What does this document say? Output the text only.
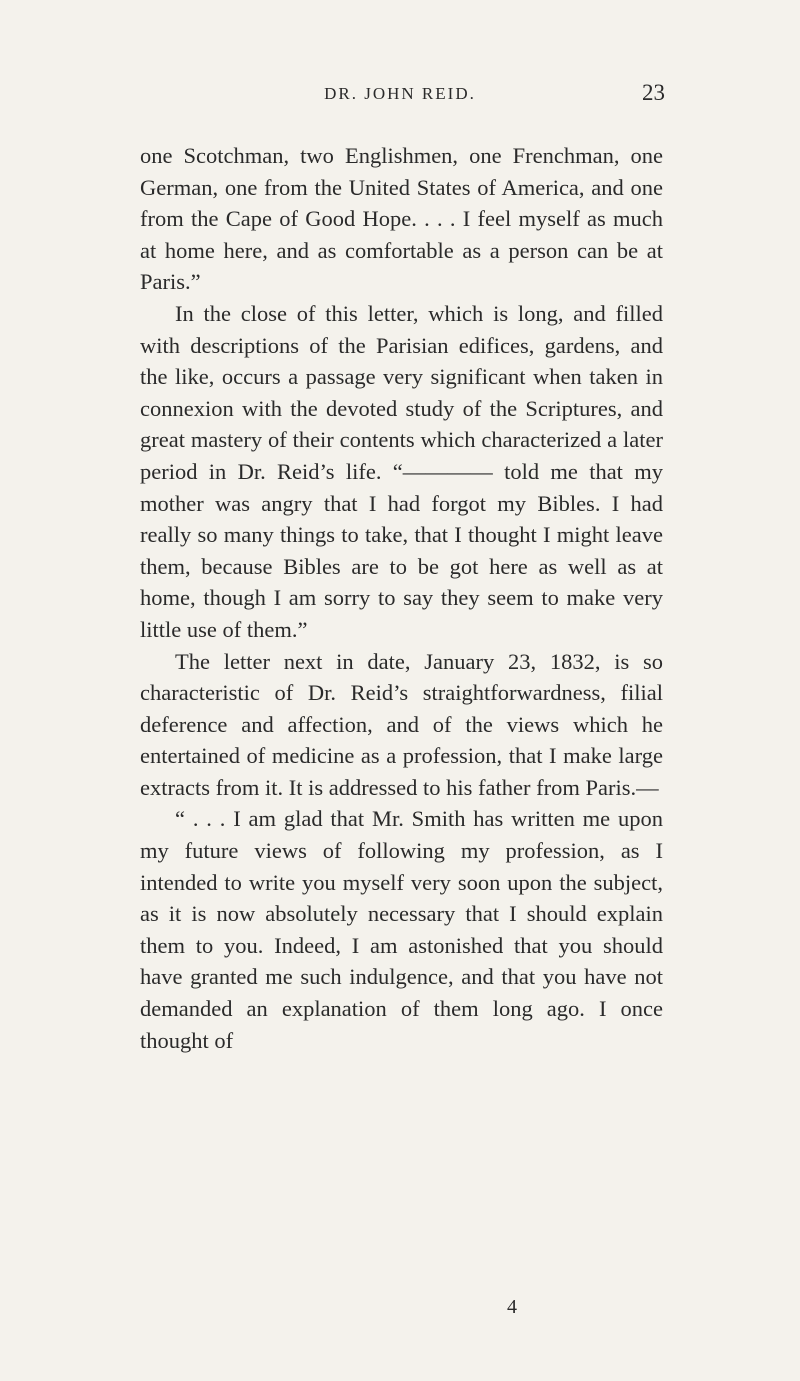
DR. JOHN REID.	23

one Scotchman, two Englishmen, one Frenchman, one German, one from the United States of America, and one from the Cape of Good Hope. . . . I feel myself as much at home here, and as comfortable as a person can be at Paris.”

In the close of this letter, which is long, and filled with descriptions of the Parisian edifices, gardens, and the like, occurs a passage very significant when taken in connexion with the devoted study of the Scriptures, and great mastery of their contents which characterized a later period in Dr. Reid’s life. “———— told me that my mother was angry that I had forgot my Bibles. I had really so many things to take, that I thought I might leave them, because Bibles are to be got here as well as at home, though I am sorry to say they seem to make very little use of them.”

The letter next in date, January 23, 1832, is so characteristic of Dr. Reid’s straightforwardness, filial deference and affection, and of the views which he entertained of medicine as a profession, that I make large extracts from it. It is addressed to his father from Paris.—

“ . . . I am glad that Mr. Smith has written me upon my future views of following my profession, as I intended to write you myself very soon upon the subject, as it is now absolutely necessary that I should explain them to you. Indeed, I am astonished that you should have granted me such indulgence, and that you have not demanded an explanation of them long ago. I once thought of

4
